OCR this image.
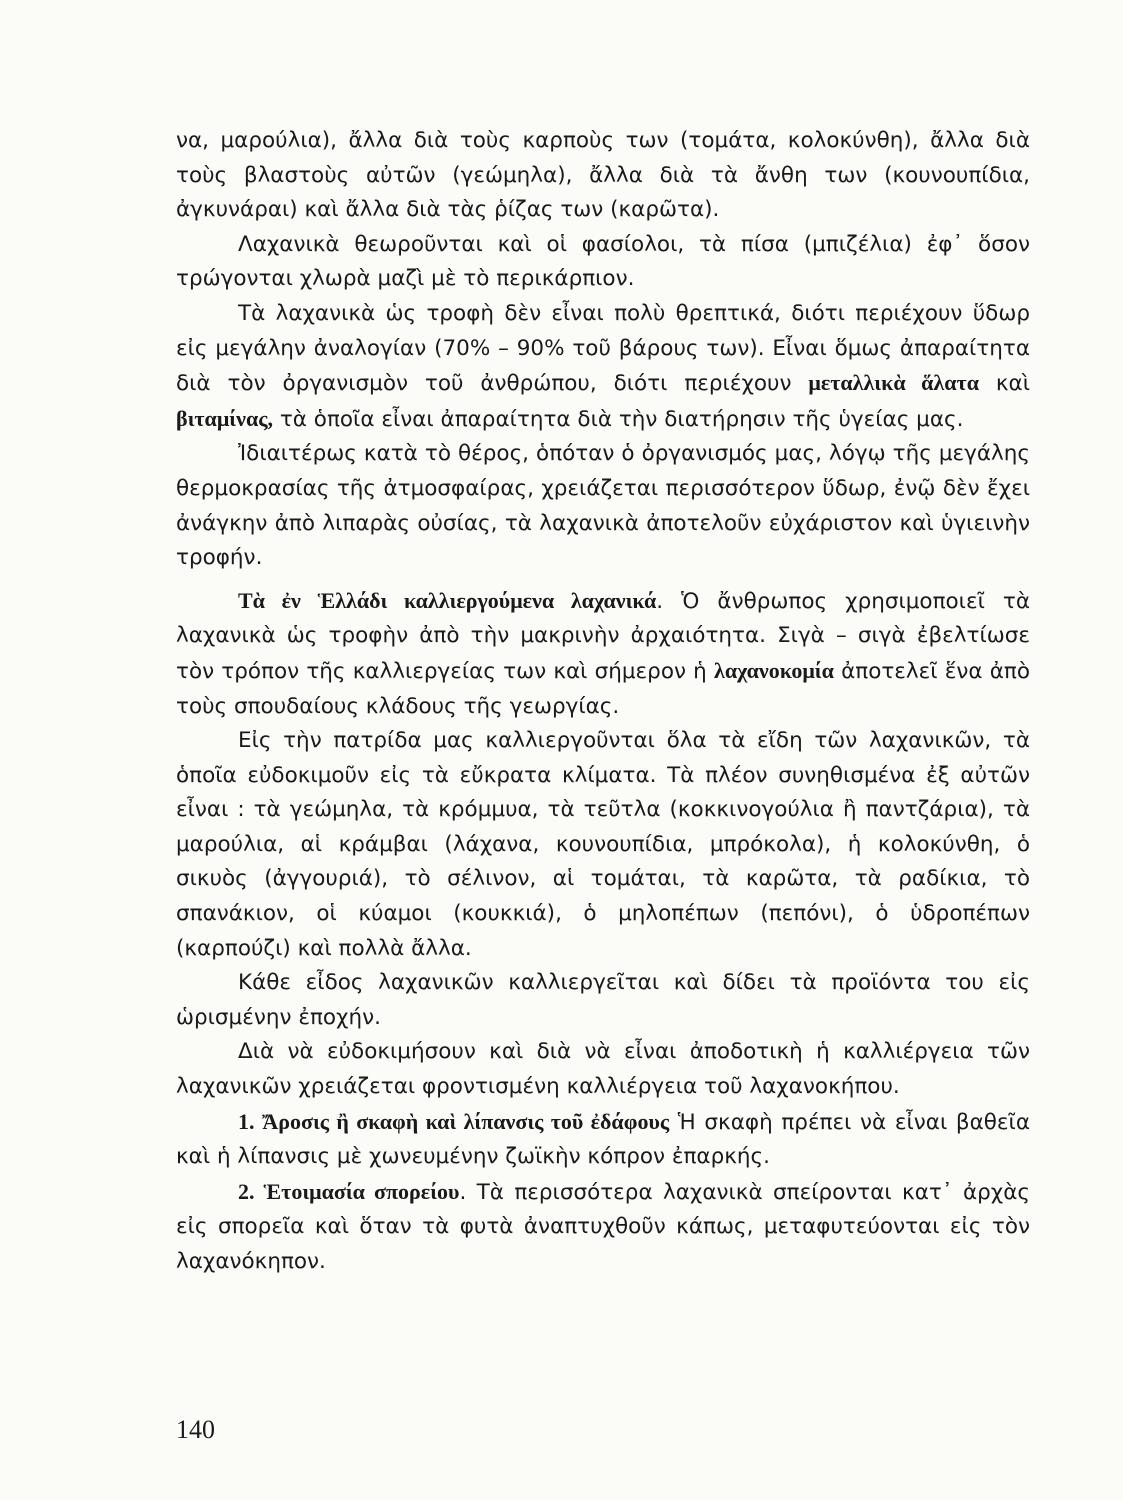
να, μαρούλια), ἄλλα διὰ τοὺς καρποὺς των (τομάτα, κολοκύνθη), ἄλλα διὰ τοὺς βλαστοὺς αὐτῶν (γεώμηλα), ἄλλα διὰ τὰ ἄνθη των (κουνουπίδια, ἀγκυνάραι) καὶ ἄλλα διὰ τὰς ῥίζας των (καρῶτα).

Λαχανικὰ θεωροῦνται καὶ οἱ φασίολοι, τὰ πίσα (μπιζέλια) ἐφ᾽ ὅσον τρώγονται χλωρὰ μαζὶ μὲ τὸ περικάρπιον.

Τὰ λαχανικὰ ὡς τροφὴ δὲν εἶναι πολὺ θρεπτικά, διότι περιέχουν ὕδωρ εἰς μεγάλην ἀναλογίαν (70% – 90% τοῦ βάρους των). Εἶναι ὅμως ἀπαραίτητα διὰ τὸν ὀργανισμὸν τοῦ ἀνθρώπου, διότι περιέχουν μεταλλικὰ ἅλατα καὶ βιταμίνας, τὰ ὁποῖα εἶναι ἀπαραίτητα διὰ τὴν διατήρησιν τῆς ὑγείας μας.

Ἰδιαιτέρως κατὰ τὸ θέρος, ὁπόταν ὁ ὀργανισμός μας, λόγῳ τῆς μεγάλης θερμοκρασίας τῆς ἀτμοσφαίρας, χρειάζεται περισσότερον ὕδωρ, ἐνῷ δὲν ἔχει ἀνάγκην ἀπὸ λιπαρὰς οὐσίας, τὰ λαχανικὰ ἀποτελοῦν εὐχάριστον καὶ ὑγιεινὴν τροφήν.

Τὰ ἐν Ἑλλάδι καλλιεργούμενα λαχανικά. Ὁ ἄνθρωπος χρησιμοποιεῖ τὰ λαχανικὰ ὡς τροφὴν ἀπὸ τὴν μακρινὴν ἀρχαιότητα. Σιγὰ – σιγὰ ἐβελτίωσε τὸν τρόπον τῆς καλλιεργείας των καὶ σήμερον ἡ λαχανοκομία ἀποτελεῖ ἕνα ἀπὸ τοὺς σπουδαίους κλάδους τῆς γεωργίας.

Εἰς τὴν πατρίδα μας καλλιεργοῦνται ὅλα τὰ εἴδη τῶν λαχανικῶν, τὰ ὁποῖα εὐδοκιμοῦν εἰς τὰ εὔκρατα κλίματα. Τὰ πλέον συνηθισμένα ἐξ αὐτῶν εἶναι : τὰ γεώμηλα, τὰ κρόμμυα, τὰ τεῦτλα (κοκκινογούλια ἢ παντζάρια), τὰ μαρούλια, αἱ κράμβαι (λάχανα, κουνουπίδια, μπρόκολα), ἡ κολοκύνθη, ὁ σικυὸς (ἀγγουριά), τὸ σέλινον, αἱ τομάται, τὰ καρῶτα, τὰ ραδίκια, τὸ σπανάκιον, οἱ κύαμοι (κουκκιά), ὁ μηλοπέπων (πεπόνι), ὁ ὑδροπέπων (καρπούζι) καὶ πολλὰ ἄλλα.

Κάθε εἶδος λαχανικῶν καλλιεργεῖται καὶ δίδει τὰ προϊόντα του εἰς ὡρισμένην ἐποχήν.

Διὰ νὰ εὐδοκιμήσουν καὶ διὰ νὰ εἶναι ἀποδοτικὴ ἡ καλλιέργεια τῶν λαχανικῶν χρειάζεται φροντισμένη καλλιέργεια τοῦ λαχανοκήπου.

1. Ἄροσις ἢ σκαφὴ καὶ λίπανσις τοῦ ἐδάφους Ἡ σκαφὴ πρέπει νὰ εἶναι βαθεῖα καὶ ἡ λίπανσις μὲ χωνευμένην ζωϊκὴν κόπρον ἐπαρκής.

2. Ἑτοιμασία σπορείου. Τὰ περισσότερα λαχανικὰ σπείρονται κατ᾽ ἀρχὰς εἰς σπορεῖα καὶ ὅταν τὰ φυτὰ ἀναπτυχθοῦν κάπως, μεταφυτεύονται εἰς τὸν λαχανόκηπον.

140
